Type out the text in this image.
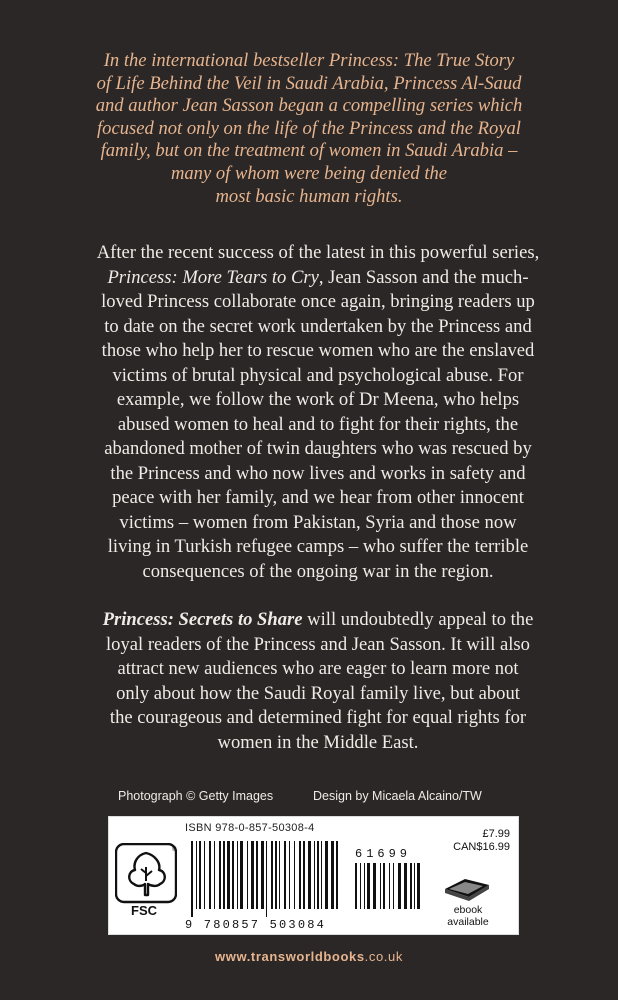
In the international bestseller Princess: The True Story
of Life Behind the Veil in Saudi Arabia, Princess Al-Saud
and author Jean Sasson began a compelling series which
focused not only on the life of the Princess and the Royal
family, but on the treatment of women in Saudi Arabia –
many of whom were being denied the
most basic human rights.
After the recent success of the latest in this powerful series,
Princess: More Tears to Cry, Jean Sasson and the much-
loved Princess collaborate once again, bringing readers up
to date on the secret work undertaken by the Princess and
those who help her to rescue women who are the enslaved
victims of brutal physical and psychological abuse. For
example, we follow the work of Dr Meena, who helps
abused women to heal and to fight for their rights, the
abandoned mother of twin daughters who was rescued by
the Princess and who now lives and works in safety and
peace with her family, and we hear from other innocent
victims – women from Pakistan, Syria and those now
living in Turkish refugee camps – who suffer the terrible
consequences of the ongoing war in the region.
Princess: Secrets to Share will undoubtedly appeal to the
loyal readers of the Princess and Jean Sasson. It will also
attract new audiences who are eager to learn more not
only about how the Saudi Royal family live, but about
the courageous and determined fight for equal rights for
women in the Middle East.
Photograph © Getty Images	Design by Micaela Alcaino/TW
ISBN 978-0-857-50308-4
®
FSC
61699
9 780857 503084
£7.99
CAN$16.99
ebook
available
www.transworldbooks.co.uk
